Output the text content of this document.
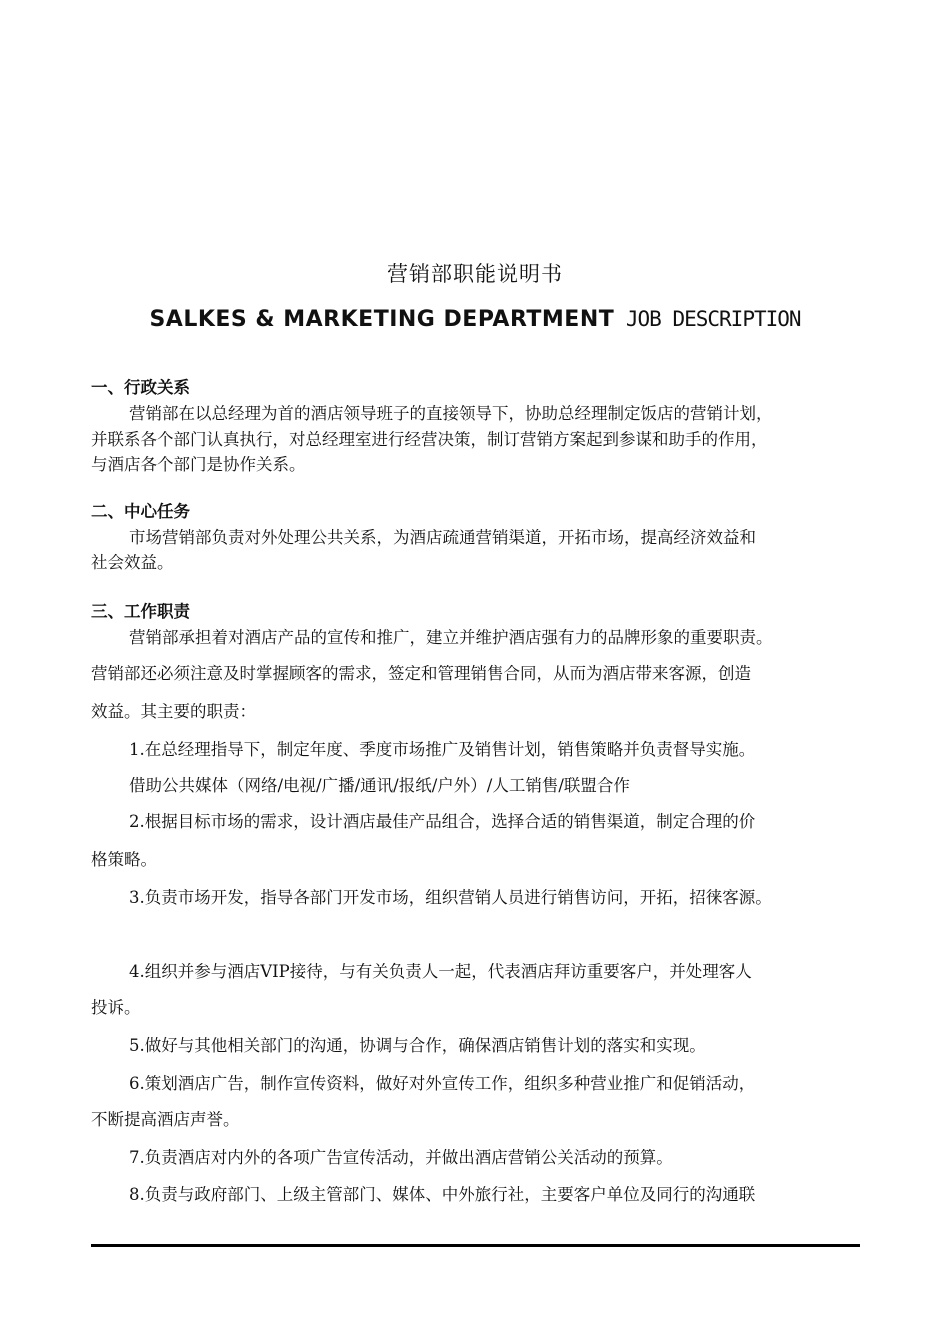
营销部职能说明书
SALKES & MARKETING DEPARTMENT JOB DESCRIPTION
一、行政关系
营销部在以总经理为首的酒店领导班子的直接领导下，协助总经理制定饭店的营销计划，
并联系各个部门认真执行，对总经理室进行经营决策，制订营销方案起到参谋和助手的作用，
与酒店各个部门是协作关系。
二、中心任务
市场营销部负责对外处理公共关系，为酒店疏通营销渠道，开拓市场，提高经济效益和
社会效益。
三、工作职责
营销部承担着对酒店产品的宣传和推广，建立并维护酒店强有力的品牌形象的重要职责。
营销部还必须注意及时掌握顾客的需求，签定和管理销售合同，从而为酒店带来客源，创造
效益。其主要的职责：
1.在总经理指导下，制定年度、季度市场推广及销售计划，销售策略并负责督导实施。
借助公共媒体（网络/电视/广播/通讯/报纸/户外）/人工销售/联盟合作
2.根据目标市场的需求，设计酒店最佳产品组合，选择合适的销售渠道，制定合理的价
格策略。
3.负责市场开发，指导各部门开发市场，组织营销人员进行销售访问，开拓，招徕客源。
4.组织并参与酒店VIP接待，与有关负责人一起，代表酒店拜访重要客户，并处理客人
投诉。
5.做好与其他相关部门的沟通，协调与合作，确保酒店销售计划的落实和实现。
6.策划酒店广告，制作宣传资料，做好对外宣传工作，组织多种营业推广和促销活动，
不断提高酒店声誉。
7.负责酒店对内外的各项广告宣传活动，并做出酒店营销公关活动的预算。
8.负责与政府部门、上级主管部门、媒体、中外旅行社，主要客户单位及同行的沟通联
